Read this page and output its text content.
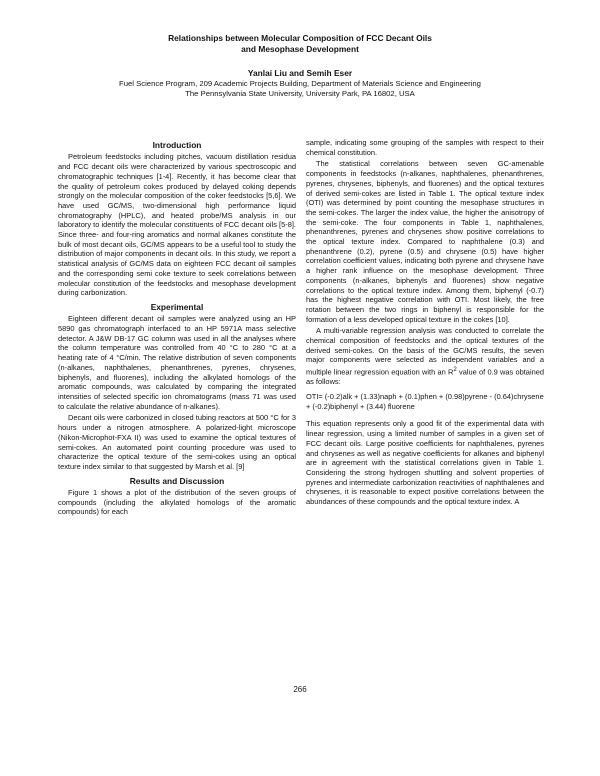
Relationships between Molecular Composition of FCC Decant Oils
and Mesophase Development
Yanlai Liu and Semih Eser
Fuel Science Program, 209 Academic Projects Building, Department of Materials Science and Engineering
The Pennsylvania State University, University Park, PA 16802, USA
Introduction

Petroleum feedstocks including pitches, vacuum distillation residua and FCC decant oils were characterized by various spectroscopic and chromatographic techniques [1-4]. Recently, it has become clear that the quality of petroleum cokes produced by delayed coking depends strongly on the molecular composition of the coker feedstocks [5,6]. We have used GC/MS, two-dimensional high performance liquid chromatography (HPLC), and heated probe/MS analysis in our laboratory to identify the molecular constituents of FCC decant oils [5-8]. Since three- and four-ring aromatics and normal alkanes constitute the bulk of most decant oils, GC/MS appears to be a useful tool to study the distribution of major components in decant oils. In this study, we report a statistical analysis of GC/MS data on eighteen FCC decant oil samples and the corresponding semi coke texture to seek correlations between molecular constitution of the feedstocks and mesophase development during carbonization.

Experimental

Eighteen different decant oil samples were analyzed using an HP 5890 gas chromatograph interfaced to an HP 5971A mass selective detector. A J&W DB-17 GC column was used in all the analyses where the column temperature was controlled from 40 °C to 280 °C at a heating rate of 4 °C/min. The relative distribution of seven components (n-alkanes, naphthalenes, phenanthrenes, pyrenes, chrysenes, biphenyls, and fluorenes), including the alkylated homologs of the aromatic compounds, was calculated by comparing the integrated intensities of selected specific ion chromatograms (mass 71 was used to calculate the relative abundance of n-alkanes).

Decant oils were carbonized in closed tubing reactors at 500 °C for 3 hours under a nitrogen atmosphere. A polarized-light microscope (Nikon-Microphot-FXA II) was used to examine the optical textures of semi-cokes. An automated point counting procedure was used to characterize the optical texture of the semi-cokes using an optical texture index similar to that suggested by Marsh et al. [9]

Results and Discussion

Figure 1 shows a plot of the distribution of the seven groups of compounds (including the alkylated homologs of the aromatic compounds) for each

sample, indicating some grouping of the samples with respect to their chemical constitution.

The statistical correlations between seven GC-amenable components in feedstocks (n-alkanes, naphthalenes, phenanthrenes, pyrenes, chrysenes, biphenyls, and fluorenes) and the optical textures of derived semi-cokes are listed in Table 1. The optical texture index (OTI) was determined by point counting the mesophase structures in the semi-cokes. The larger the index value, the higher the anisotropy of the semi-coke. The four components in Table 1, naphthalenes, phenanthrenes, pyrenes and chrysenes show positive correlations to the optical texture index. Compared to naphthalene (0.3) and phenanthrene (0.2), pyrene (0.5) and chrysene (0.5) have higher correlation coefficient values, indicating both pyrene and chrysene have a higher rank influence on the mesophase development. Three components (n-alkanes, biphenyls and fluorenes) show negative correlations to the optical texture index. Among them, biphenyl (-0.7) has the highest negative correlation with OTI. Most likely, the free rotation between the two rings in biphenyl is responsible for the formation of a less developed optical texture in the cokes [10].

A multi-variable regression analysis was conducted to correlate the chemical composition of feedstocks and the optical textures of the derived semi-cokes. On the basis of the GC/MS results, the seven major components were selected as independent variables and a multiple linear regression equation with an $R^2$ value of 0.9 was obtained as follows:

OTI= (-0.2)alk + (1.33)naph + (0.1)phen + (0.98)pyrene - (0.64)chrysene + (-0.2)biphenyl + (3.44) fluorene

This equation represents only a good fit of the experimental data with linear regression, using a limited number of samples in a given set of FCC decant oils. Large positive coefficients for naphthalenes, pyrenes and chrysenes as well as negative coefficients for alkanes and biphenyl are in agreement with the statistical correlations given in Table 1. Considering the strong hydrogen shuttling and solvent properties of pyrenes and intermediate carbonization reactivities of naphthalenes and chrysenes, it is reasonable to expect positive correlations between the abundances of these compounds and the optical texture index. A

266
